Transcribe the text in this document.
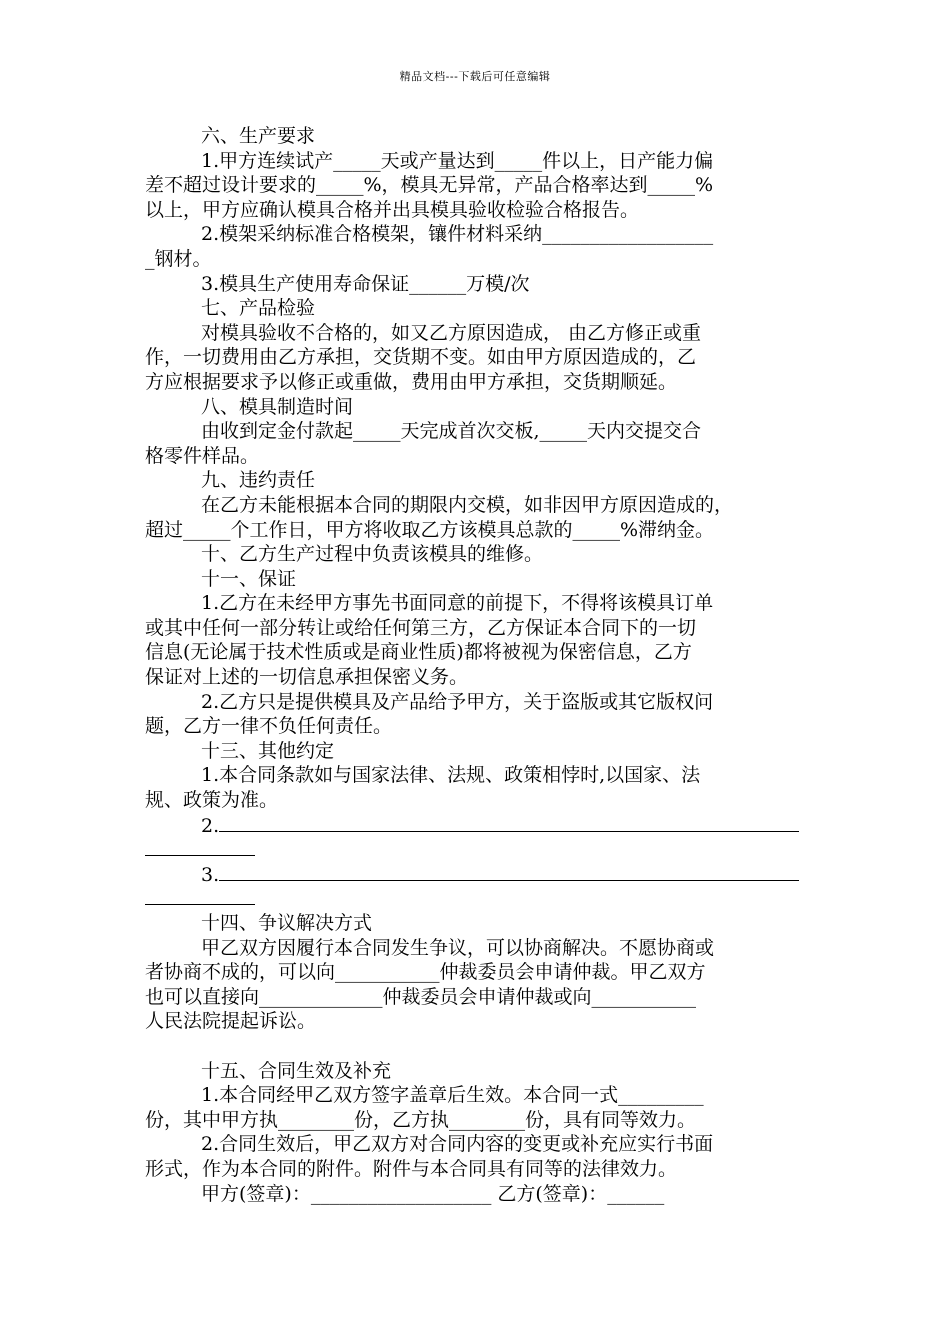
精品文档---下载后可任意编辑
六、生产要求
1.甲方连续试产_____天或产量达到_____件以上，日产能力偏
差不超过设计要求的_____%，模具无异常，产品合格率达到_____%
以上，甲方应确认模具合格并出具模具验收检验合格报告。
2.模架采纳标准合格模架，镶件材料采纳__________________
_钢材。
3.模具生产使用寿命保证______万模/次
七、产品检验
对模具验收不合格的，如又乙方原因造成， 由乙方修正或重
作，一切费用由乙方承担，交货期不变。如由甲方原因造成的，乙
方应根据要求予以修正或重做，费用由甲方承担，交货期顺延。
八、模具制造时间
由收到定金付款起_____天完成首次交板,_____天内交提交合
格零件样品。
九、违约责任
在乙方未能根据本合同的期限内交模，如非因甲方原因造成的，
超过_____个工作日，甲方将收取乙方该模具总款的_____%滞纳金。
十、乙方生产过程中负责该模具的维修。
十一、保证
1.乙方在未经甲方事先书面同意的前提下，不得将该模具订单
或其中任何一部分转让或给任何第三方，乙方保证本合同下的一切
信息(无论属于技术性质或是商业性质)都将被视为保密信息，乙方
保证对上述的一切信息承担保密义务。
2.乙方只是提供模具及产品给予甲方，关于盗版或其它版权问
题，乙方一律不负任何责任。
十三、其他约定
1.本合同条款如与国家法律、法规、政策相悖时,以国家、法
规、政策为准。
2.
3.
十四、争议解决方式
甲乙双方因履行本合同发生争议，可以协商解决。不愿协商或
者协商不成的，可以向___________仲裁委员会申请仲裁。甲乙双方
也可以直接向_____________仲裁委员会申请仲裁或向___________
人民法院提起诉讼。
十五、合同生效及补充
1.本合同经甲乙双方签字盖章后生效。本合同一式_________
份，其中甲方执________份，乙方执________份，具有同等效力。
2.合同生效后，甲乙双方对合同内容的变更或补充应实行书面
形式，作为本合同的附件。附件与本合同具有同等的法律效力。
甲方(签章)：___________________ 乙方(签章)：______
